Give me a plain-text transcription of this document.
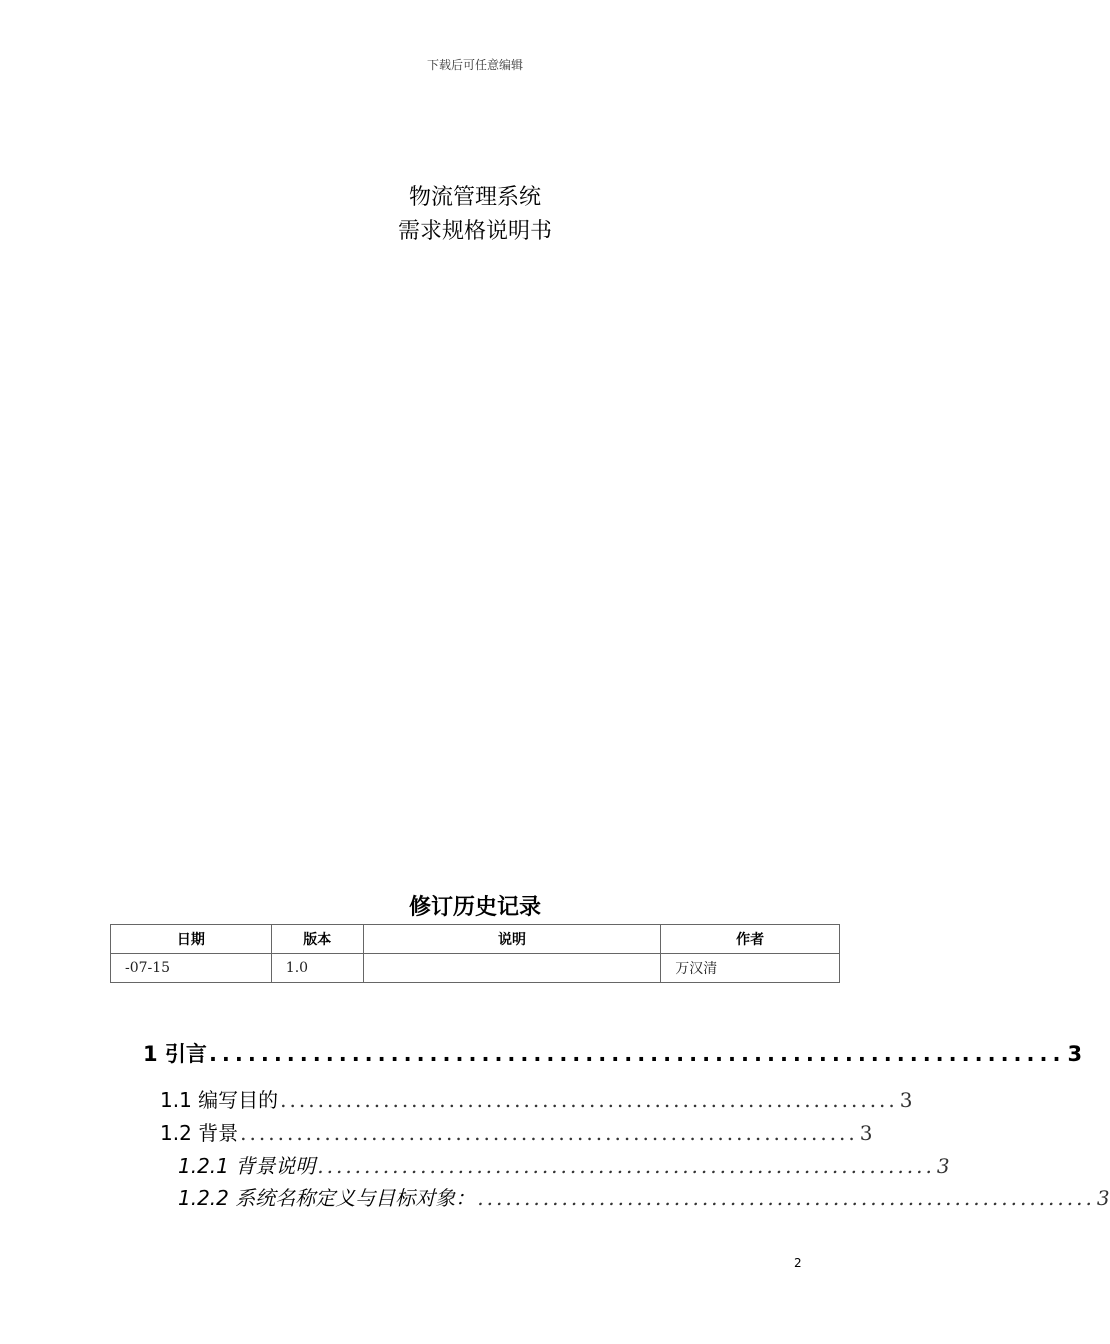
下载后可任意编辑
物流管理系统
需求规格说明书
修订历史记录
日期	版本	说明	作者
-07-15	1.0		万汉清
1 引言 .................................................................. 3
1.1 编写目的 .................................................................. 3
1.2 背景 .................................................................. 3
1.2.1 背景说明 .................................................................. 3
1.2.2 系统名称定义与目标对象： .................................................................. 3
2
